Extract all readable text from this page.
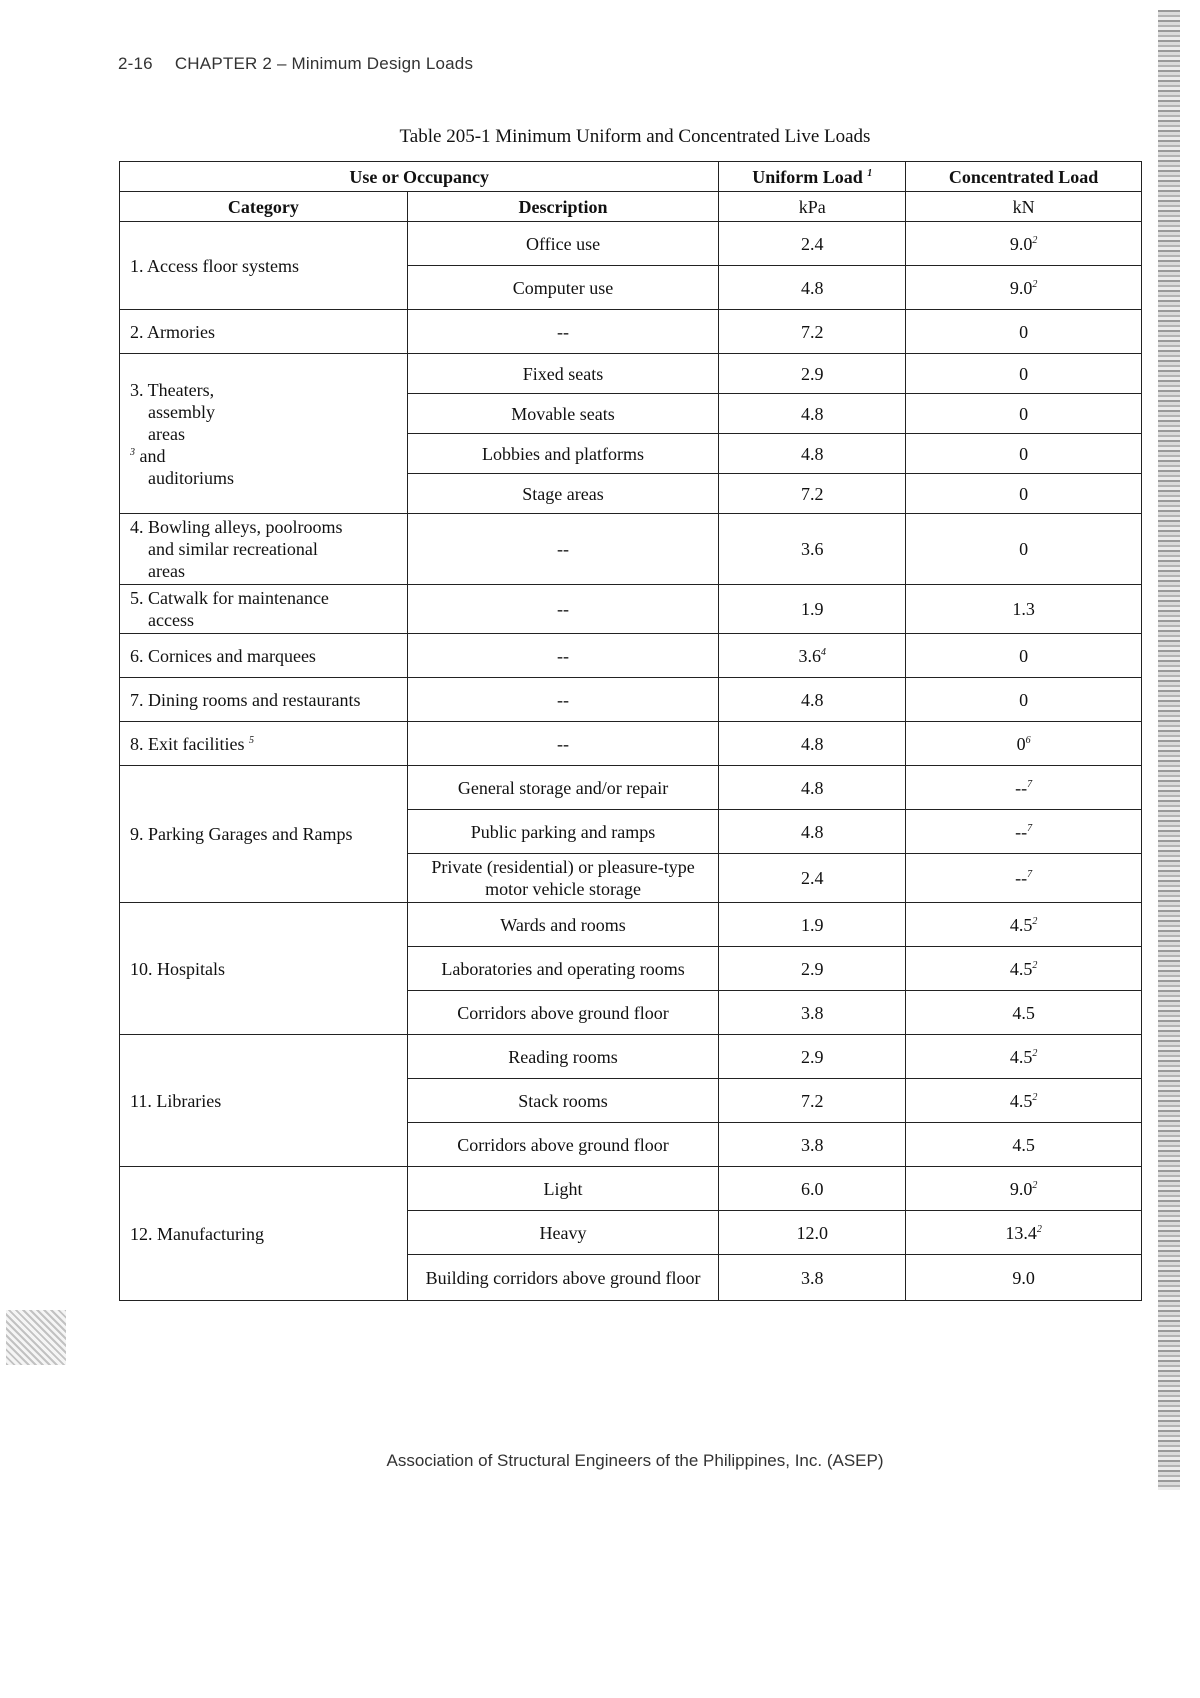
2-16 CHAPTER 2 – Minimum Design Loads
Table 205-1 Minimum Uniform and Concentrated Live Loads
Use or Occupancy		Uniform Load $^1$	Concentrated Load
Category	Description	kPa	kN
1. Access floor systems	Office use	2.4	$9.0^2$
	Computer use	4.8	$9.0^2$
2. Armories	--	7.2	0
3. Theaters,
assembly
areas
$^3$ and
auditoriums	Fixed seats	2.9	0
	Movable seats	4.8	0
	Lobbies and platforms	4.8	0
	Stage areas	7.2	0
4. Bowling alleys, poolrooms
and similar recreational
areas	--	3.6	0
5. Catwalk for maintenance
access	--	1.9	1.3
6. Cornices and marquees	--	$3.6^4$	0
7. Dining rooms and restaurants	--	4.8	0
8. Exit facilities $^5$	--	4.8	$0^6$
9. Parking Garages and Ramps	General storage and/or repair	4.8	--$^7$
	Public parking and ramps	4.8	--$^7$
	Private (residential) or pleasure-type motor vehicle storage	2.4	--$^7$
10. Hospitals	Wards and rooms	1.9	$4.5^2$
	Laboratories and operating rooms	2.9	$4.5^2$
	Corridors above ground floor	3.8	4.5
11. Libraries	Reading rooms	2.9	$4.5^2$
	Stack rooms	7.2	$4.5^2$
	Corridors above ground floor	3.8	4.5
12. Manufacturing	Light	6.0	$9.0^2$
	Heavy	12.0	13.4$^2$
	Building corridors above ground floor	3.8	9.0
Association of Structural Engineers of the Philippines, Inc. (ASEP)
